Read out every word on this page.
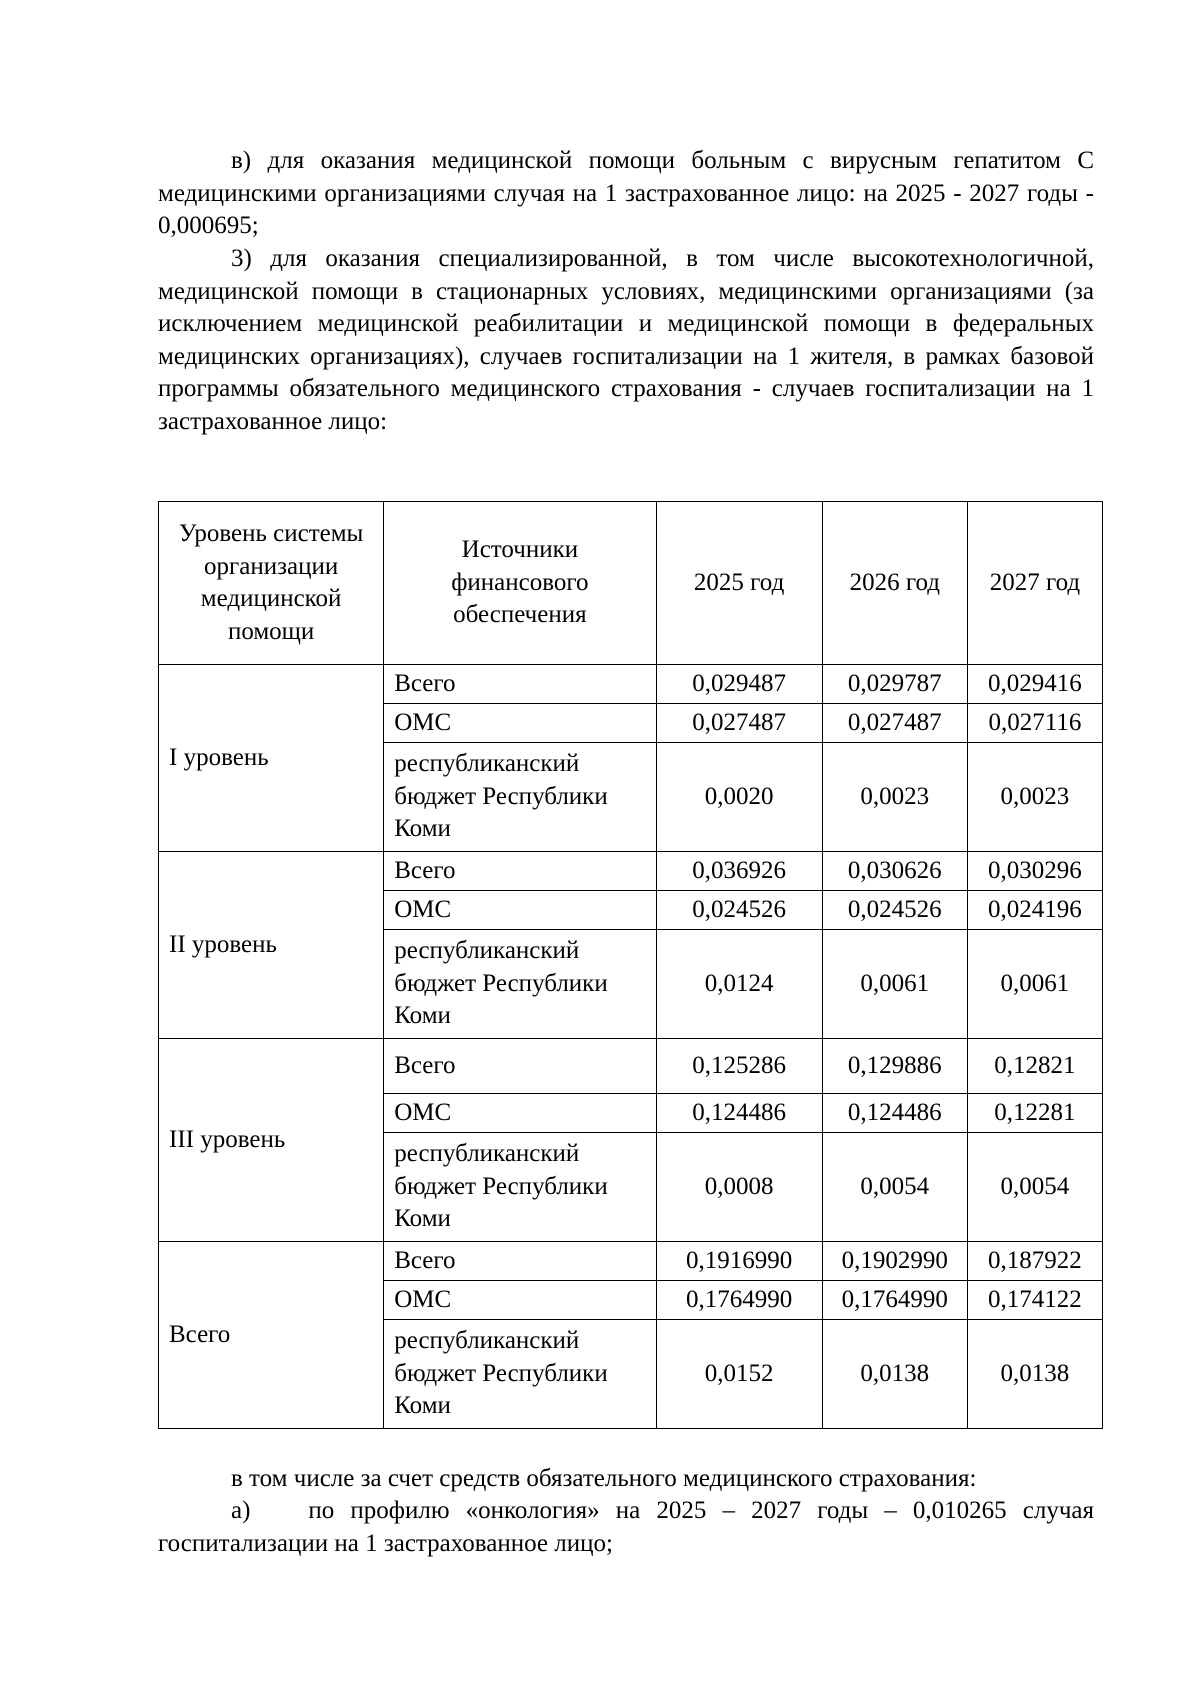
в) для оказания медицинской помощи больным с вирусным гепатитом С медицинскими организациями случая на 1 застрахованное лицо: на 2025 - 2027 годы - 0,000695;
3) для оказания специализированной, в том числе высокотехнологичной, медицинской помощи в стационарных условиях, медицинскими организациями (за исключением медицинской реабилитации и медицинской помощи в федеральных медицинских организациях), случаев госпитализации на 1 жителя, в рамках базовой программы обязательного медицинского страхования - случаев госпитализации на 1 застрахованное лицо:
Уровень системы организации медицинской помощи	Источники финансового обеспечения	2025 год	2026 год	2027 год
I уровень	Всего	0,029487	0,029787	0,029416
	ОМС	0,027487	0,027487	0,027116
	республиканский бюджет Республики Коми	0,0020	0,0023	0,0023
II уровень	Всего	0,036926	0,030626	0,030296
	ОМС	0,024526	0,024526	0,024196
	республиканский бюджет Республики Коми	0,0124	0,0061	0,0061
III уровень	Всего	0,125286	0,129886	0,12821
	ОМС	0,124486	0,124486	0,12281
	республиканский бюджет Республики Коми	0,0008	0,0054	0,0054
Всего	Всего	0,1916990	0,1902990	0,187922
	ОМС	0,1764990	0,1764990	0,174122
	республиканский бюджет Республики Коми	0,0152	0,0138	0,0138
в том числе за счет средств обязательного медицинского страхования:
а) по профилю «онкология» на 2025 – 2027 годы – 0,010265 случая госпитализации на 1 застрахованное лицо;
